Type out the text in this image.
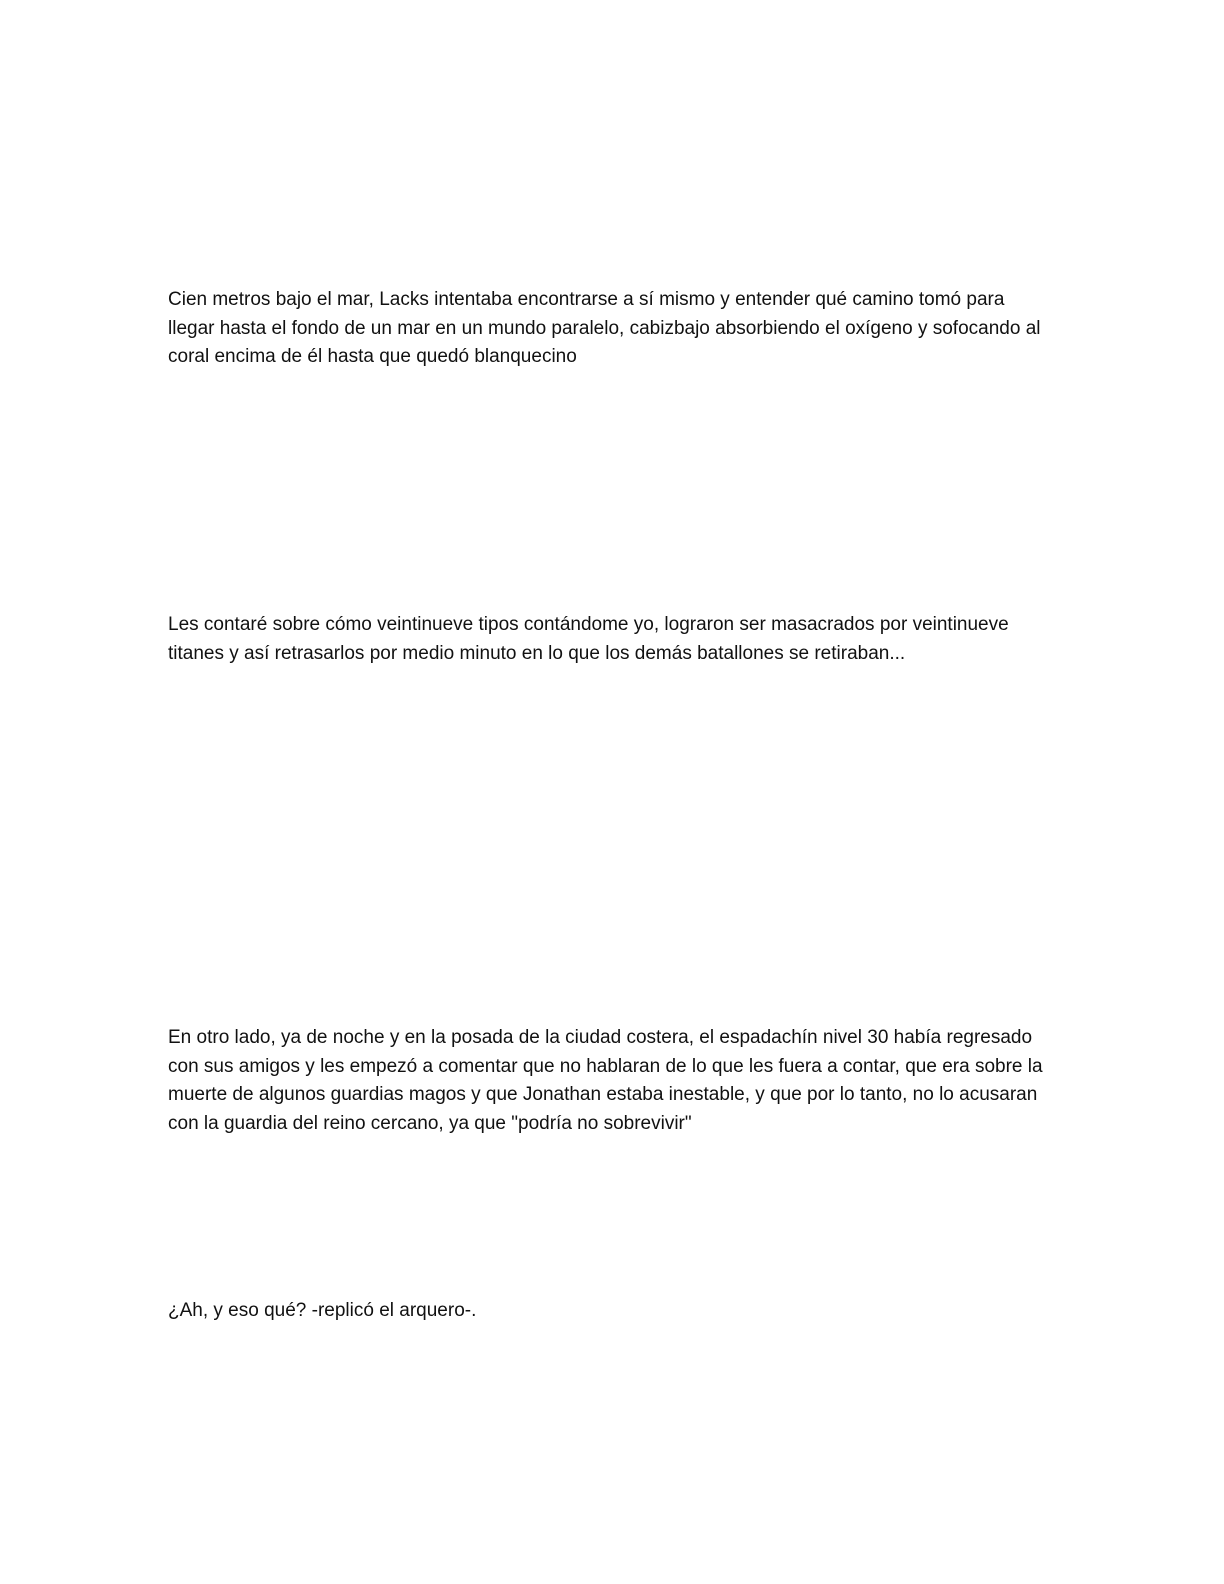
Cien metros bajo el mar, Lacks intentaba encontrarse a sí mismo y entender qué camino tomó para llegar hasta el fondo de un mar en un mundo paralelo, cabizbajo absorbiendo el oxígeno y sofocando al coral encima de él hasta que quedó blanquecino

Les contaré sobre cómo veintinueve tipos contándome yo, lograron ser masacrados por veintinueve titanes y así retrasarlos por medio minuto en lo que los demás batallones se retiraban...

En otro lado, ya de noche y en la posada de la ciudad costera, el espadachín nivel 30 había regresado con sus amigos y les empezó a comentar que no hablaran de lo que les fuera a contar, que era sobre la muerte de algunos guardias magos y que Jonathan estaba inestable, y que por lo tanto, no lo acusaran con la guardia del reino cercano, ya que "podría no sobrevivir"

¿Ah, y eso qué? -replicó el arquero-.
